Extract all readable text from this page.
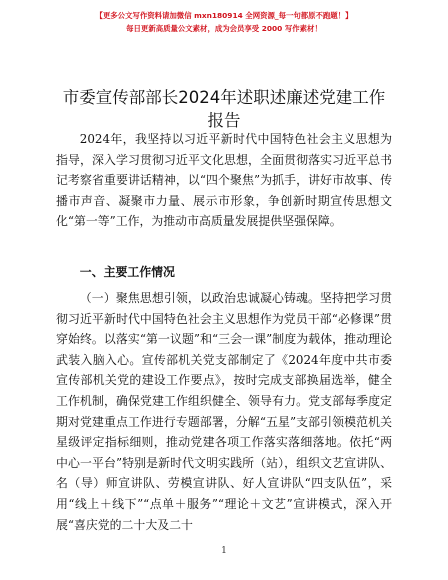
【更多公文写作资料请加微信 mxn180914 全网资源_每一句都原不跑题！】
每日更新高质量公文素材，成为会员享受 2000 写作素材！
市委宣传部部长2024年述职述廉述党建工作报告

2024年，我坚持以习近平新时代中国特色社会主义思想为指导，深入学习贯彻习近平文化思想，全面贯彻落实习近平总书记考察省重要讲话精神，以“四个聚焦”为抓手，讲好市故事、传播市声音、凝聚市力量、展示市形象，争创新时期宣传思想文化“第一等”工作，为推动市高质量发展提供坚强保障。

一、主要工作情况

（一）聚焦思想引领，以政治忠诚凝心铸魂。坚持把学习贯彻习近平新时代中国特色社会主义思想作为党员干部“必修课”贯穿始终。以落实“第一议题”和“三会一课”制度为载体，推动理论武装入脑入心。宣传部机关党支部制定了《2024年度中共市委宣传部机关党的建设工作要点》，按时完成支部换届选举，健全工作机制，确保党建工作组织健全、领导有力。党支部每季度定期对党建重点工作进行专题部署，分解“五星”支部引领模范机关星级评定指标细则，推动党建各项工作落实落细落地。依托“两中心一平台”特别是新时代文明实践所（站），组织文艺宣讲队、名（导）师宣讲队、劳模宣讲队、好人宣讲队“四支队伍”，采用“线上＋线下”“点单＋服务”“理论＋文艺”宣讲模式，深入开展“喜庆党的二十大及二十

1
